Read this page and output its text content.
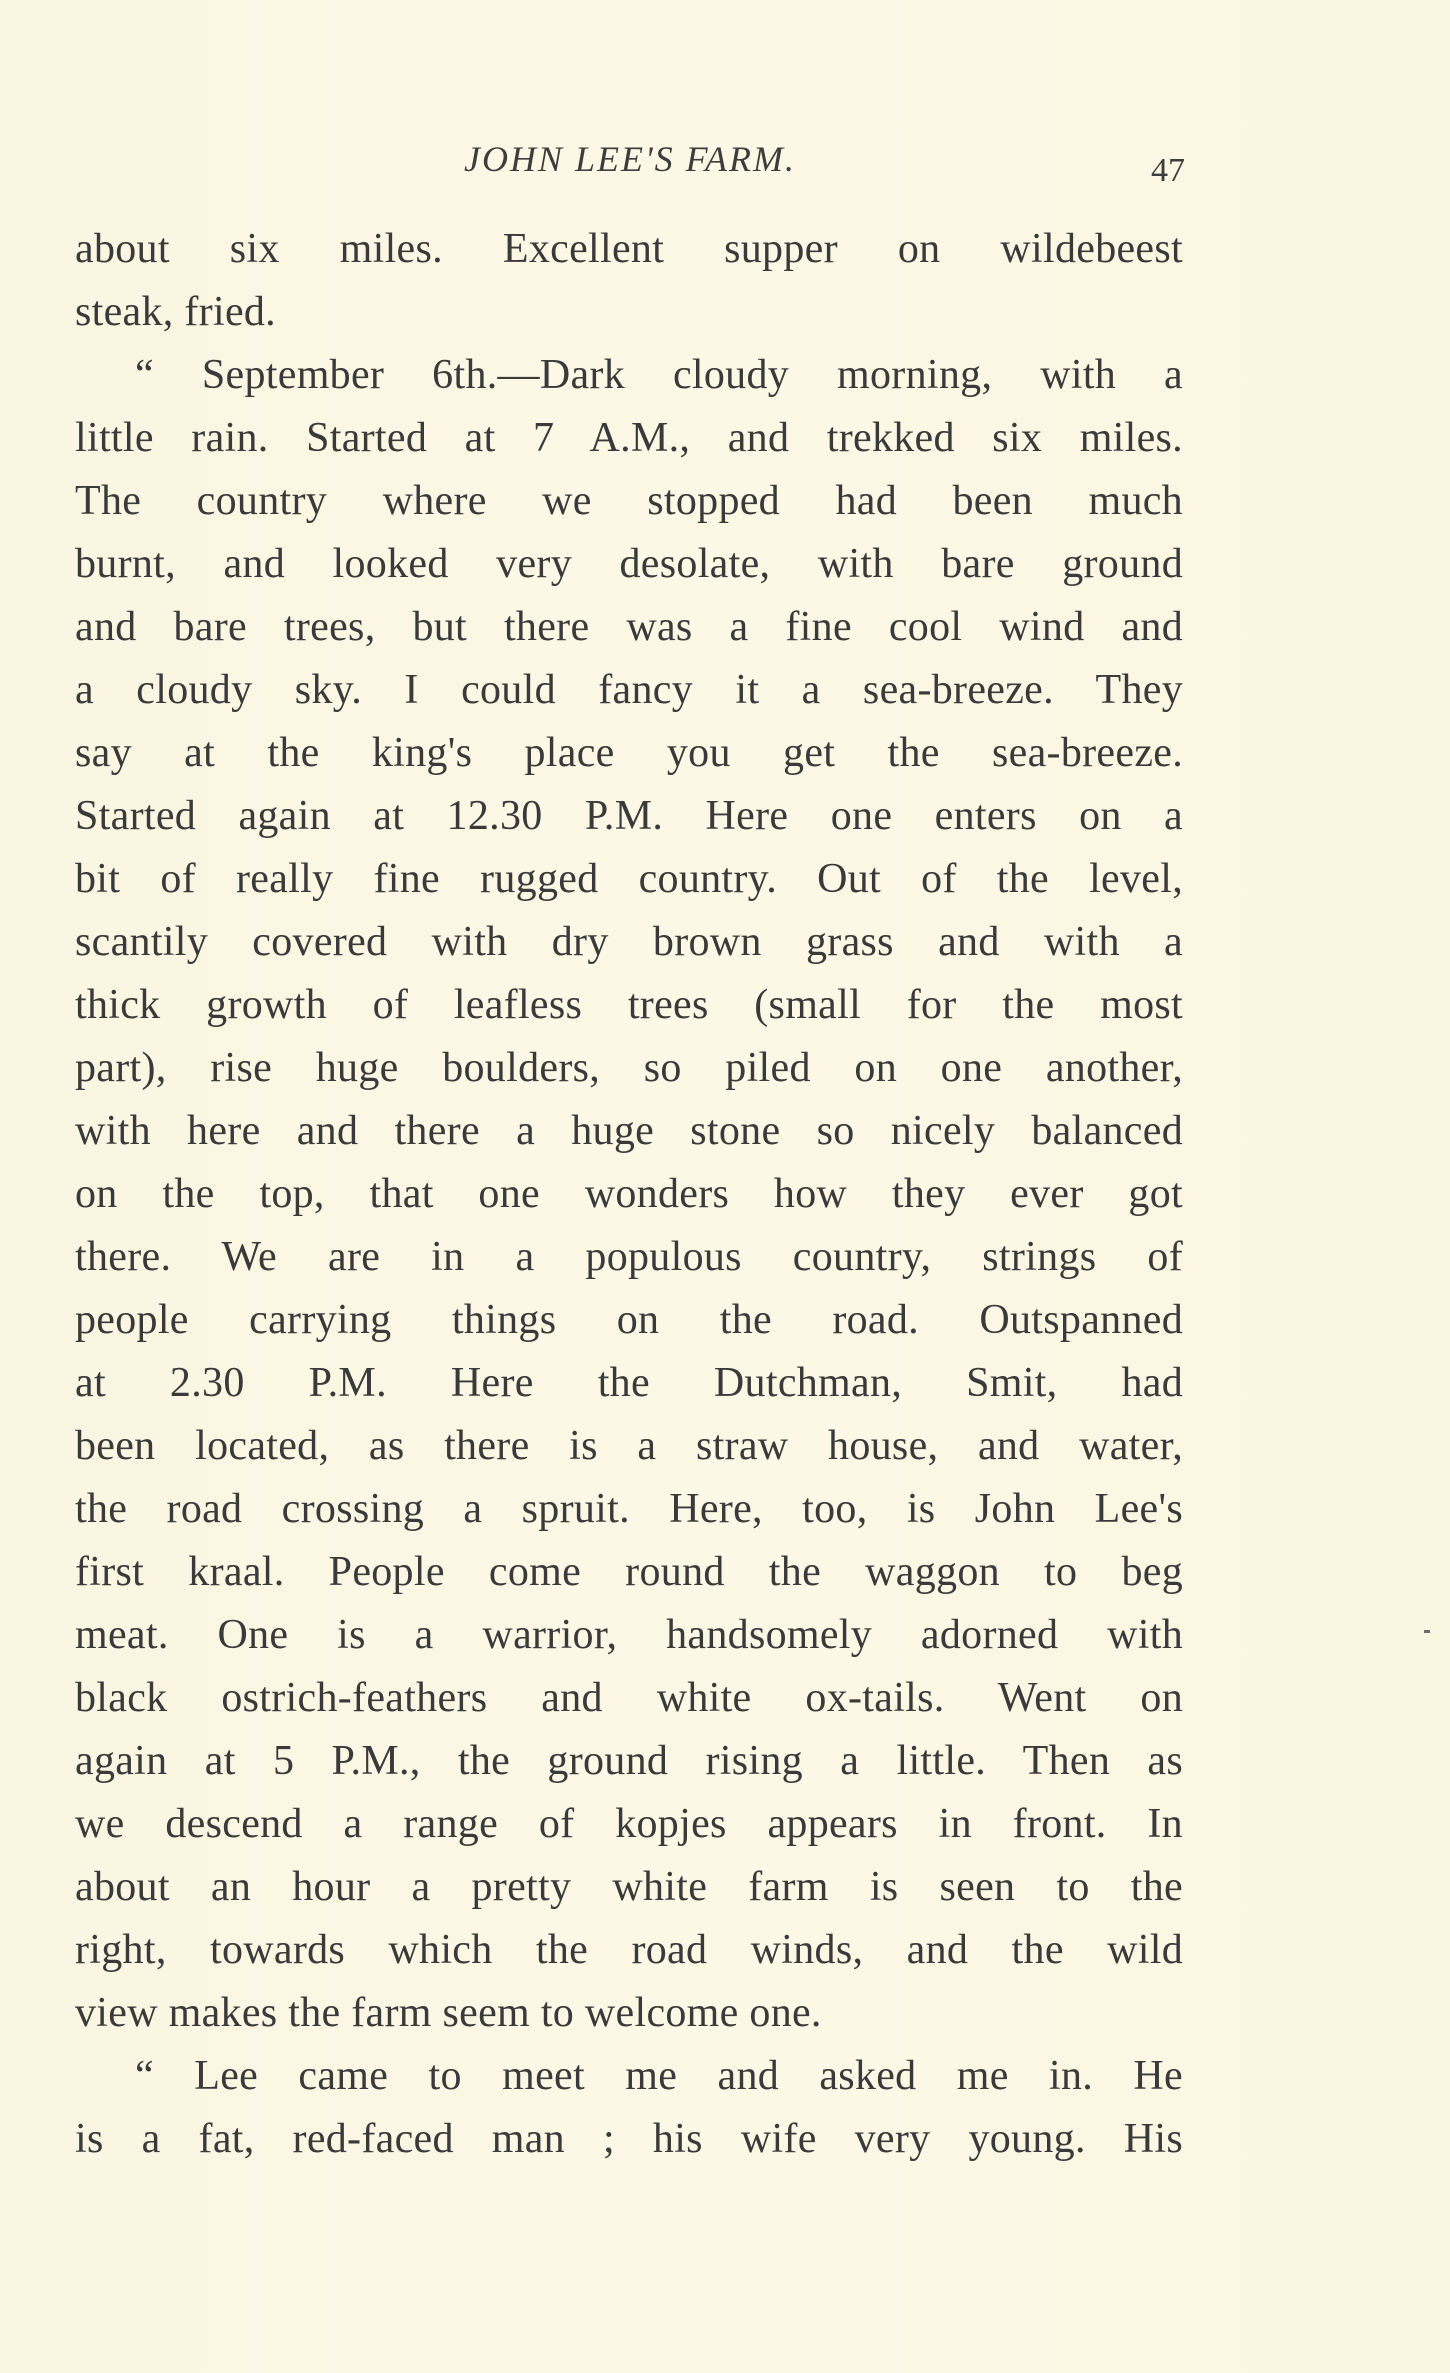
JOHN LEE'S FARM.	47
about six miles. Excellent supper on wildebeest
steak, fried.
“ September 6th.—Dark cloudy morning, with a
little rain. Started at 7 A.M., and trekked six miles.
The country where we stopped had been much
burnt, and looked very desolate, with bare ground
and bare trees, but there was a fine cool wind and
a cloudy sky. I could fancy it a sea-breeze. They
say at the king's place you get the sea-breeze.
Started again at 12.30 P.M. Here one enters on a
bit of really fine rugged country. Out of the level,
scantily covered with dry brown grass and with a
thick growth of leafless trees (small for the most
part), rise huge boulders, so piled on one another,
with here and there a huge stone so nicely balanced
on the top, that one wonders how they ever got
there. We are in a populous country, strings of
people carrying things on the road. Outspanned
at 2.30 P.M. Here the Dutchman, Smit, had
been located, as there is a straw house, and water,
the road crossing a spruit. Here, too, is John Lee's
first kraal. People come round the waggon to beg
meat. One is a warrior, handsomely adorned with
black ostrich-feathers and white ox-tails. Went on
again at 5 P.M., the ground rising a little. Then as
we descend a range of kopjes appears in front. In
about an hour a pretty white farm is seen to the
right, towards which the road winds, and the wild
view makes the farm seem to welcome one.
“ Lee came to meet me and asked me in. He
is a fat, red-faced man ; his wife very young. His
